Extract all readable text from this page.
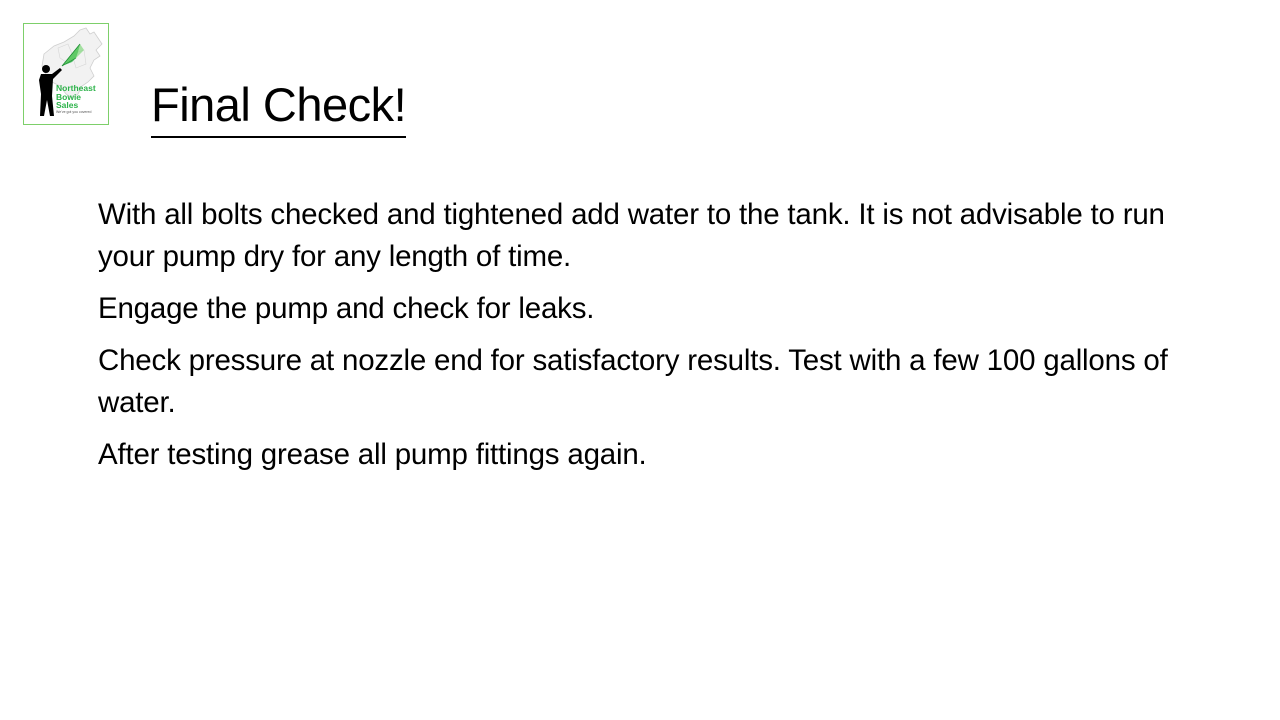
Northeast
Bowie
Sales
We've got you covered Final Check!
With all bolts checked and tightened add water to the tank. It is not advisable to run your pump dry for any length of time.
Engage the pump and check for leaks.
Check pressure at nozzle end for satisfactory results. Test with a few 100 gallons of water.
After testing grease all pump fittings again.
